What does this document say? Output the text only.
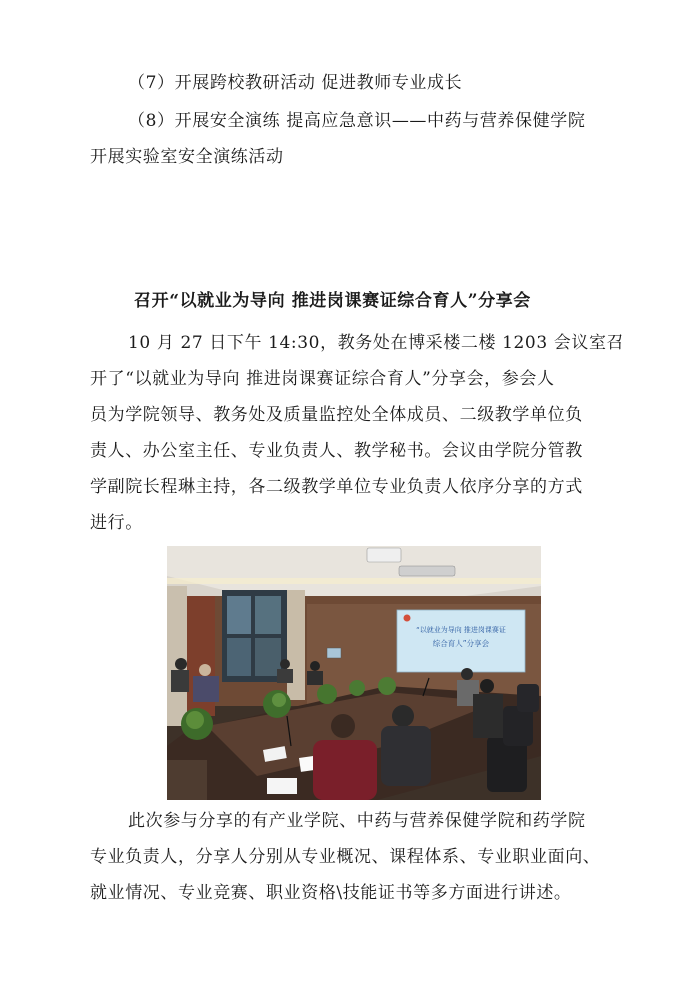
（7）开展跨校教研活动 促进教师专业成长
（8）开展安全演练 提高应急意识——中药与营养保健学院
开展实验室安全演练活动
召开“以就业为导向 推进岗课赛证综合育人”分享会
10 月 27 日下午 14:30，教务处在博采楼二楼 1203 会议室召
开了“以就业为导向 推进岗课赛证综合育人”分享会，参会人
员为学院领导、教务处及质量监控处全体成员、二级教学单位负
责人、办公室主任、专业负责人、教学秘书。会议由学院分管教
学副院长程琳主持，各二级教学单位专业负责人依序分享的方式
进行。
“以就业为导向 推进岗课赛证
综合育人”分享会
此次参与分享的有产业学院、中药与营养保健学院和药学院
专业负责人，分享人分别从专业概况、课程体系、专业职业面向、
就业情况、专业竞赛、职业资格\技能证书等多方面进行讲述。
